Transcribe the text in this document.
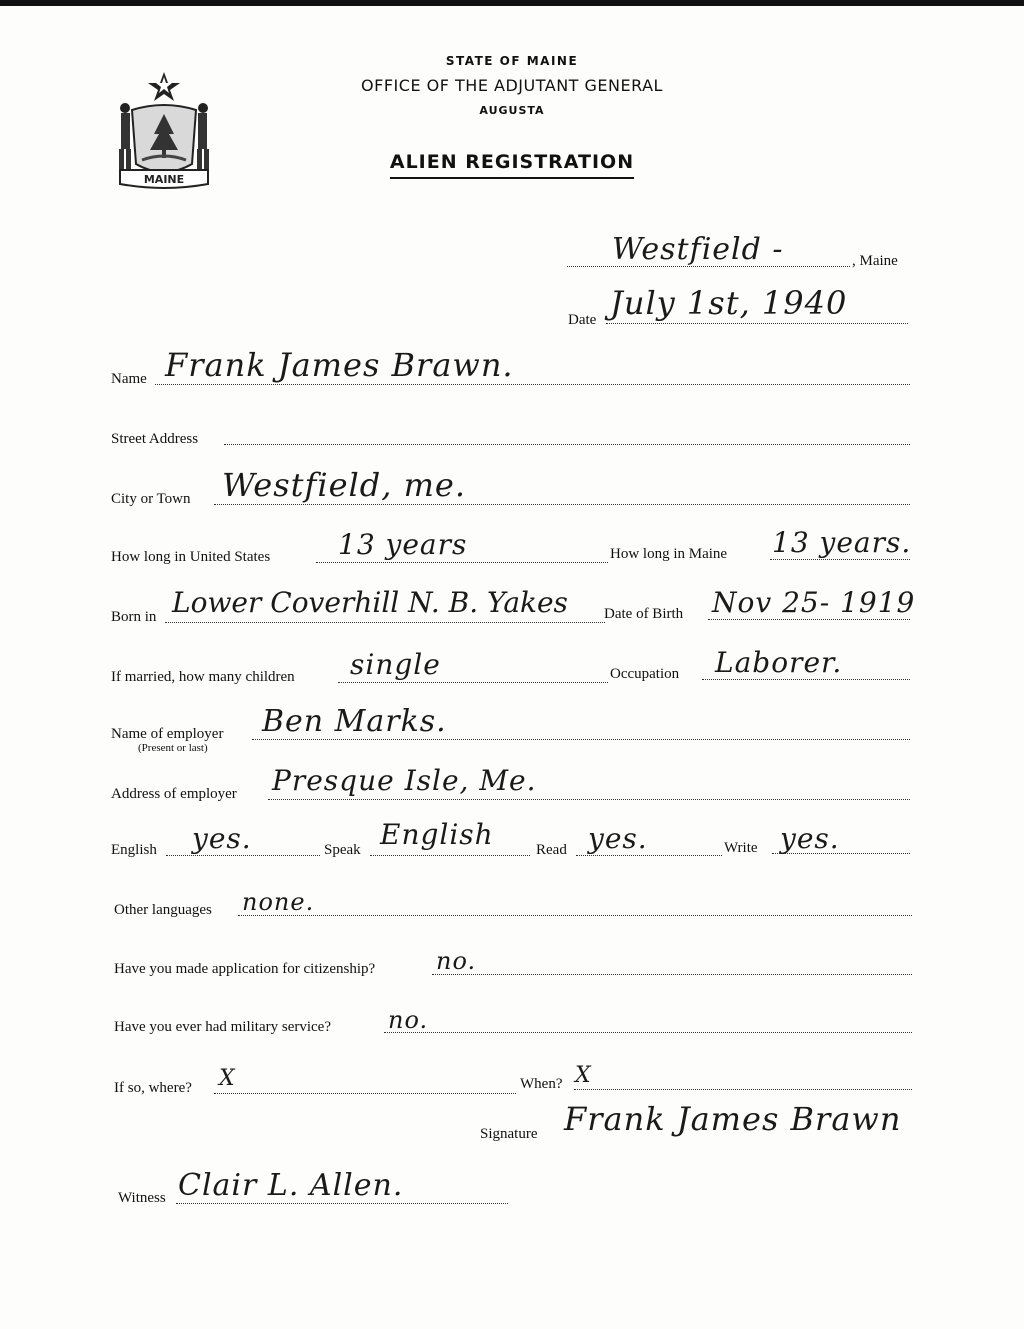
MAINE
STATE OF MAINE
OFFICE OF THE ADJUTANT GENERAL
AUGUSTA
ALIEN REGISTRATION
Westfield -	, Maine
Date July 1st, 1940
Name Frank James Brawn.
Street Address
City or Town Westfield, me.
How long in United States 13 years	How long in Maine 13 years.
Born in Lower Coverhill N. B. Yakes Date of Birth Nov 25- 1919
If married, how many children single	Occupation Laborer.
Name of employer
(Present or last)
Ben Marks.
Address of employer Presque Isle, Me.
English yes.	Speak English	Read yes.	Write yes.
Other languages none.
Have you made application for citizenship?	no.
Have you ever had military service? no.
If so, where? X	When? X
Signature Frank James Brawn
Witness Clair L. Allen.
